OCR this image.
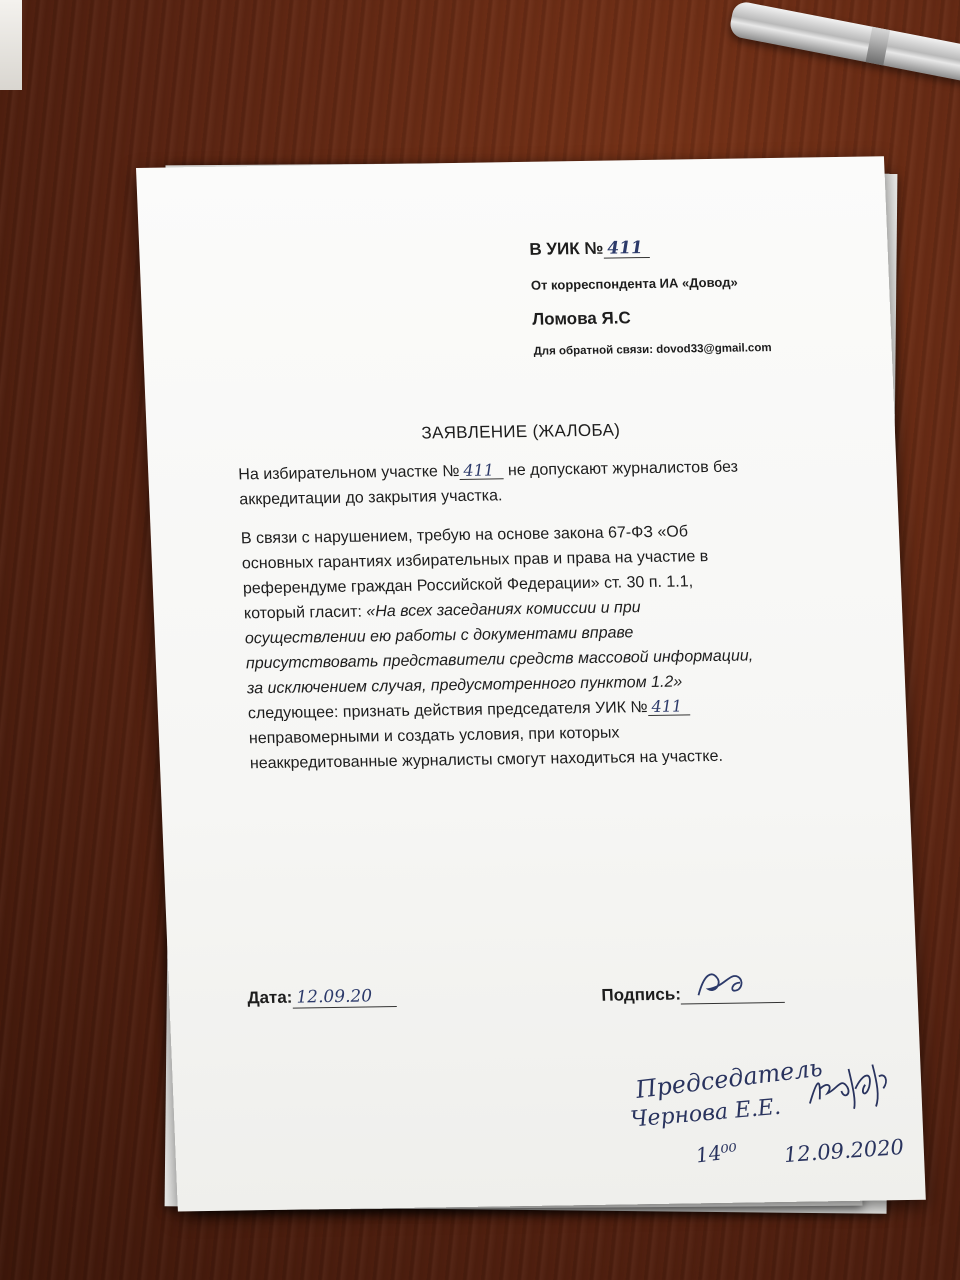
В УИК № 411
От корреспондента ИА «Довод»
Ломова Я.С
Для обратной связи: dovod33@gmail.com
ЗАЯВЛЕНИЕ (ЖАЛОБА)
На избирательном участке № 411 не допускают журналистов без
аккредитации до закрытия участка.
В связи с нарушением, требую на основе закона 67-ФЗ «Об
основных гарантиях избирательных прав и права на участие в
референдуме граждан Российской Федерации» ст. 30 п. 1.1,
который гласит: «На всех заседаниях комиссии и при
осуществлении ею работы с документами вправе
присутствовать представители средств массовой информации,
за исключением случая, предусмотренного пунктом 1.2»
следующее: признать действия председателя УИК № 411
неправомерными и создать условия, при которых
неаккредитованные журналисты смогут находиться на участке.
Дата: 12.09.20	Подпись:
Председатель
Чернова Е.Е.
14⁰⁰ 12.09.2020
